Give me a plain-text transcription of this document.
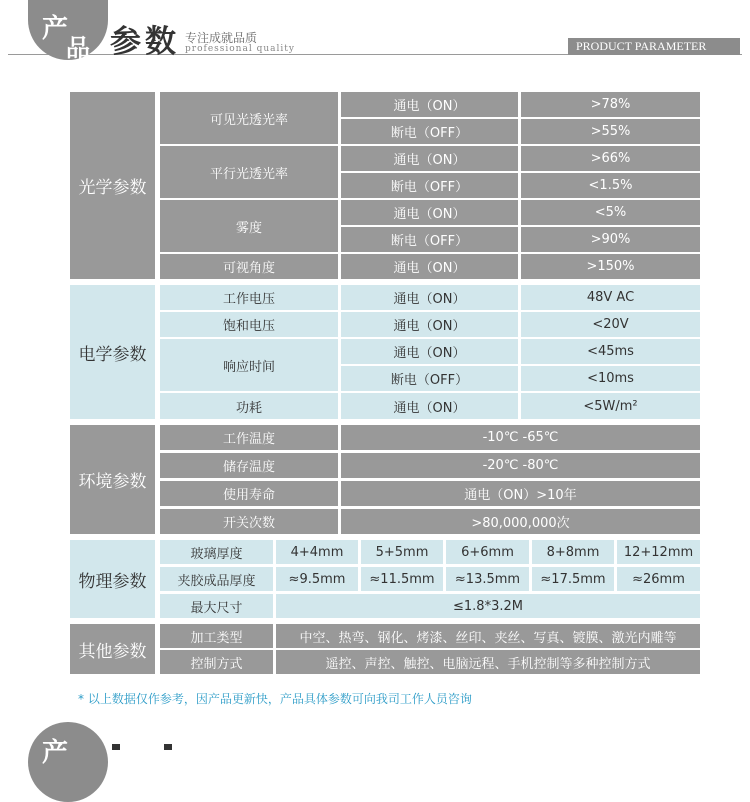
产
品 参数 专注成就品质
professional quality	PRODUCT PARAMETER
光学参数
可见光透光率
通电（ON）	>78%
断电（OFF）	>55%
平行光透光率
通电（ON）	>66%
断电（OFF）	<1.5%
雾度
通电（ON）	<5%
断电（OFF）	>90%
可视角度	通电（ON）	>150%
电学参数
工作电压	通电（ON）	48V AC
饱和电压	通电（ON）	<20V
响应时间
通电（ON）	<45ms
断电（OFF）	<10ms
功耗	通电（ON）	<5W/m²
环境参数
工作温度	-10℃ -65℃
储存温度	-20℃ -80℃
使用寿命	通电（ON）>10年
开关次数	>80,000,000次
物理参数
玻璃厚度	4+4mm	5+5mm	6+6mm	8+8mm	12+12mm
夹胶成品厚度	≈9.5mm	≈11.5mm	≈13.5mm	≈17.5mm	≈26mm
最大尺寸	≤1.8*3.2M
其他参数
加工类型	中空、热弯、钢化、烤漆、丝印、夹丝、写真、镀膜、激光内雕等
控制方式	遥控、声控、触控、电脑远程、手机控制等多种控制方式
* 以上数据仅作参考，因产品更新快，产品具体参数可向我司工作人员咨询
产
